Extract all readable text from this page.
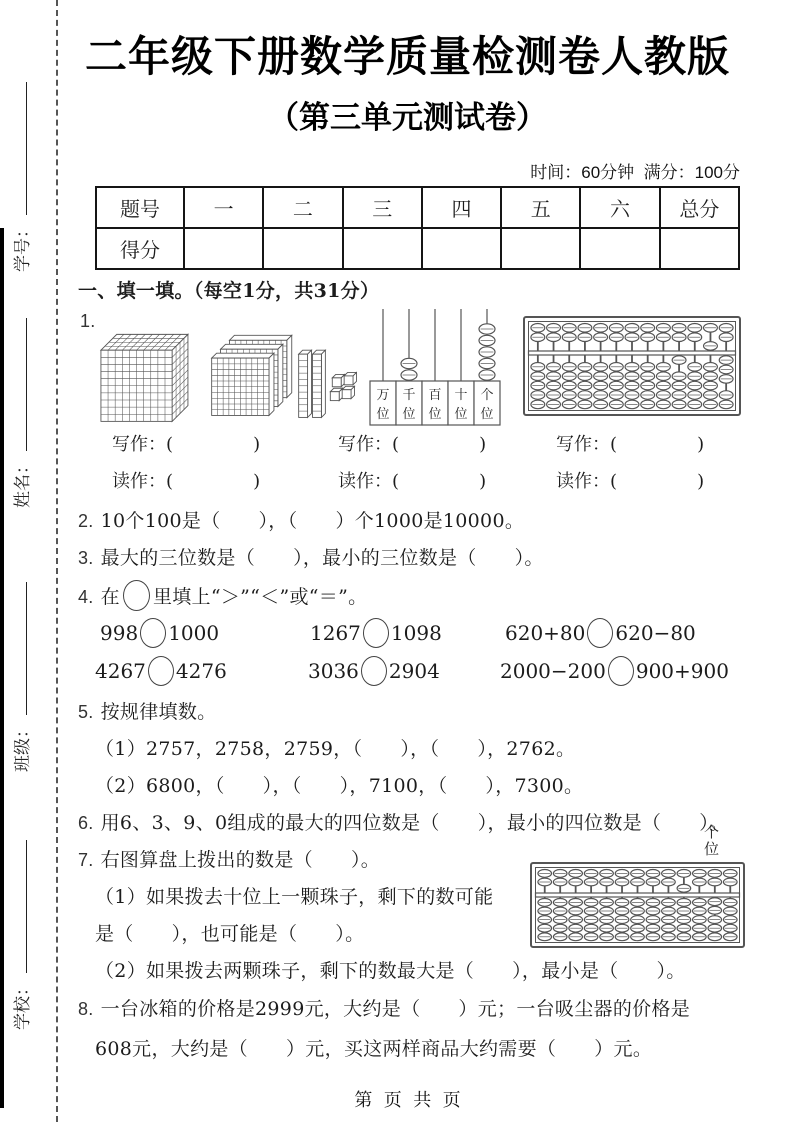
学号：
姓名：
班级：
学校：
二年级下册数学质量检测卷人教版
（第三单元测试卷）
时间：60分钟  满分：100分
题号	一	二	三	四	五	六	总分
得分							
一、填一填。（每空1分，共31分）
1.
万
位
千
位
百
位
十
位
个
位
写作：(              )	写作：(              )	写作：(              )
读作：(              )	读作：(              )	读作：(              )
2. 10个100是（      ），（      ）个1000是10000。
3. 最大的三位数是（      ），最小的三位数是（      ）。
4. 在 里填上“＞”“＜”或“＝”。
998 1000	1267 1098	620+80 620−80
4267 4276	3036 2904	2000−200 900+900
5. 按规律填数。
（1）2757，2758，2759，（      ），（      ），2762。
（2）6800，（      ），（      ），7100，（      ），7300。
6. 用6、3、9、0组成的最大的四位数是（      ），最小的四位数是（      ）。
7. 右图算盘上拨出的数是（      ）。
个位
（1）如果拨去十位上一颗珠子，剩下的数可能
是（      ），也可能是（      ）。
（2）如果拨去两颗珠子，剩下的数最大是（      ），最小是（      ）。
8. 一台冰箱的价格是2999元，大约是（      ）元；一台吸尘器的价格是
608元，大约是（      ）元，买这两样商品大约需要（      ）元。
第  页  共  页
